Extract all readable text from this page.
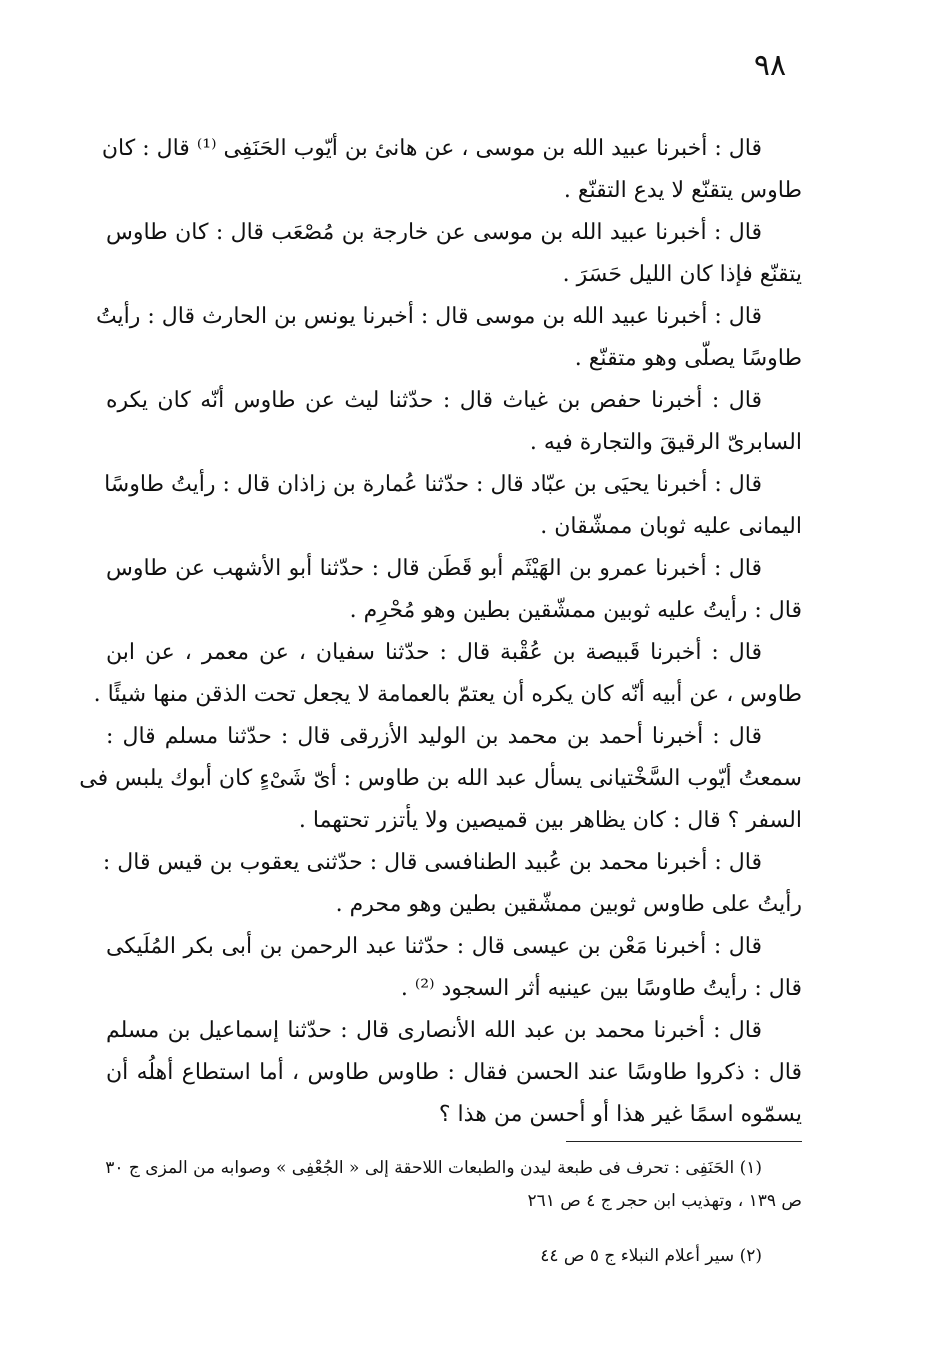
٩٨
قال : أخبرنا عبيد الله بن موسى ، عن هانئ بن أيّوب الحَنَفِى ⁽¹⁾ قال : كان
طاوس يتقنّع لا يدع التقنّع .
قال : أخبرنا عبيد الله بن موسى عن خارجة بن مُصْعَب قال : كان طاوس
يتقنّع فإذا كان الليل حَسَرَ .
قال : أخبرنا عبيد الله بن موسى قال : أخبرنا يونس بن الحارث قال : رأيتُ
طاوسًا يصلّى وهو متقنّع .
قال : أخبرنا حفص بن غياث قال : حدّثنا ليث عن طاوس أنّه كان يكره
السابرىّ الرقيقَ والتجارة فيه .
قال : أخبرنا يحيَى بن عبّاد قال : حدّثنا عُمارة بن زاذان قال : رأيتُ طاوسًا
اليمانى عليه ثوبان ممشّقان .
قال : أخبرنا عمرو بن الهَيْثَم أبو قَطَن قال : حدّثنا أبو الأشهب عن طاوس
قال : رأيتُ عليه ثوبين ممشّقين بطين وهو مُحْرِم .
قال : أخبرنا قَبيصة بن عُقْبة قال : حدّثنا سفيان ، عن معمر ، عن ابن
طاوس ، عن أبيه أنّه كان يكره أن يعتمّ بالعمامة لا يجعل تحت الذقن منها شيئًا .
قال : أخبرنا أحمد بن محمد بن الوليد الأزرقى قال : حدّثنا مسلم قال :
سمعتُ أيّوب السَّخْتيانى يسأل عبد الله بن طاوس : أىّ شَىْءٍ كان أبوك يلبس فى
السفر ؟ قال : كان يظاهر بين قميصين ولا يأتزر تحتهما .
قال : أخبرنا محمد بن عُبيد الطنافسى قال : حدّثنى يعقوب بن قيس قال :
رأيتُ على طاوس ثوبين ممشّقين بطين وهو محرم .
قال : أخبرنا مَعْن بن عيسى قال : حدّثنا عبد الرحمن بن أبى بكر المُلَيكى
قال : رأيتُ طاوسًا بين عينيه أثر السجود ⁽²⁾ .
قال : أخبرنا محمد بن عبد الله الأنصارى قال : حدّثنا إسماعيل بن مسلم
قال : ذكروا طاوسًا عند الحسن فقال : طاوس طاوس ، أما استطاع أهلُه أن
يسمّوه اسمًا غير هذا أو أحسن من هذا ؟
(١) الحَنَفِى : تحرف فى طبعة ليدن والطبعات اللاحقة إلى « الجُعْفِى » وصوابه من المزى ج ٣٠
ص ١٣٩ ، وتهذيب ابن حجر ج ٤ ص ٢٦١
(٢) سير أعلام النبلاء ج ٥ ص ٤٤
